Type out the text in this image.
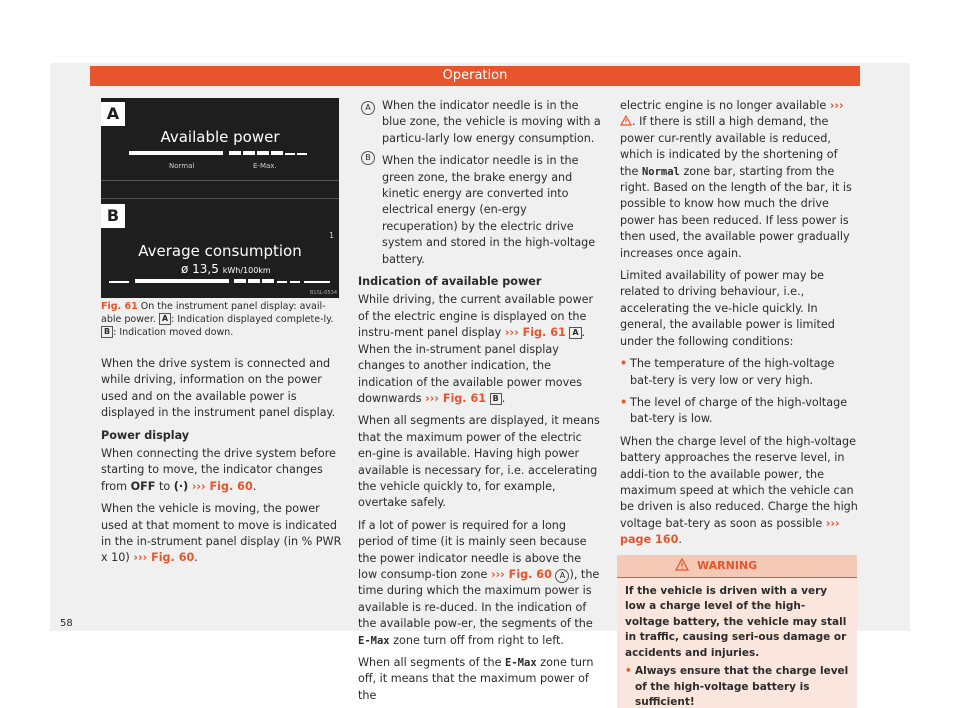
Operation
A
Available power
Normal	E-Max.
B
1
Average consumption
ø 13,5 kWh/100km
B1SL-0534
Fig. 61 On the instrument panel display: avail-able power. A : Indication displayed complete-ly. B : Indication moved down.

When the drive system is connected and while driving, information on the power used and on the available power is displayed in the instrument panel display.

Power display

When connecting the drive system before starting to move, the indicator changes from OFF to (·) ››› Fig. 60.

When the vehicle is moving, the power used at that moment to move is indicated in the in-strument panel display (in % PWR x 10) ››› Fig. 60.

A
B

When the indicator needle is in the blue zone, the vehicle is moving with a particu-larly low energy consumption.

When the indicator needle is in the green zone, the brake energy and kinetic energy are converted into electrical energy (en-ergy recuperation) by the electric drive system and stored in the high-voltage battery.

Indication of available power

While driving, the current available power of the electric engine is displayed on the instru-ment panel display ››› Fig. 61 A . When the in-strument panel display changes to another indication, the indication of the available power moves downwards ››› Fig. 61 B .

When all segments are displayed, it means that the maximum power of the electric en-gine is available. Having high power available is necessary for, i.e. accelerating the vehicle quickly to, for example, overtake safely.

If a lot of power is required for a long period of time (it is mainly seen because the power indicator needle is above the low consump-tion zone ››› Fig. 60 A ), the time during which the maximum power is available is re-duced. In the indication of the available pow-er, the segments of the E-Max zone turn off from right to left.

When all segments of the E-Max zone turn off, it means that the maximum power of the

electric engine is no longer available ››› . If there is still a high demand, the power cur-rently available is reduced, which is indicated by the shortening of the Normal zone bar, starting from the right. Based on the length of the bar, it is possible to know how much the drive power has been reduced. If less power is then used, the available power gradually increases once again.

Limited availability of power may be related to driving behaviour, i.e., accelerating the ve-hicle quickly. In general, the available power is limited under the following conditions:

• The temperature of the high-voltage bat-tery is very low or very high.

• The level of charge of the high-voltage bat-tery is low.

When the charge level of the high-voltage battery approaches the reserve level, in addi-tion to the available power, the maximum speed at which the vehicle can be driven is also reduced. Charge the high voltage bat-tery as soon as possible ››› page 160.

WARNING

If the vehicle is driven with a very low a charge level of the high-voltage battery, the vehicle may stall in traffic, causing seri-ous damage or accidents and injuries.

• Always ensure that the charge level of the high-voltage battery is sufficient!

58
